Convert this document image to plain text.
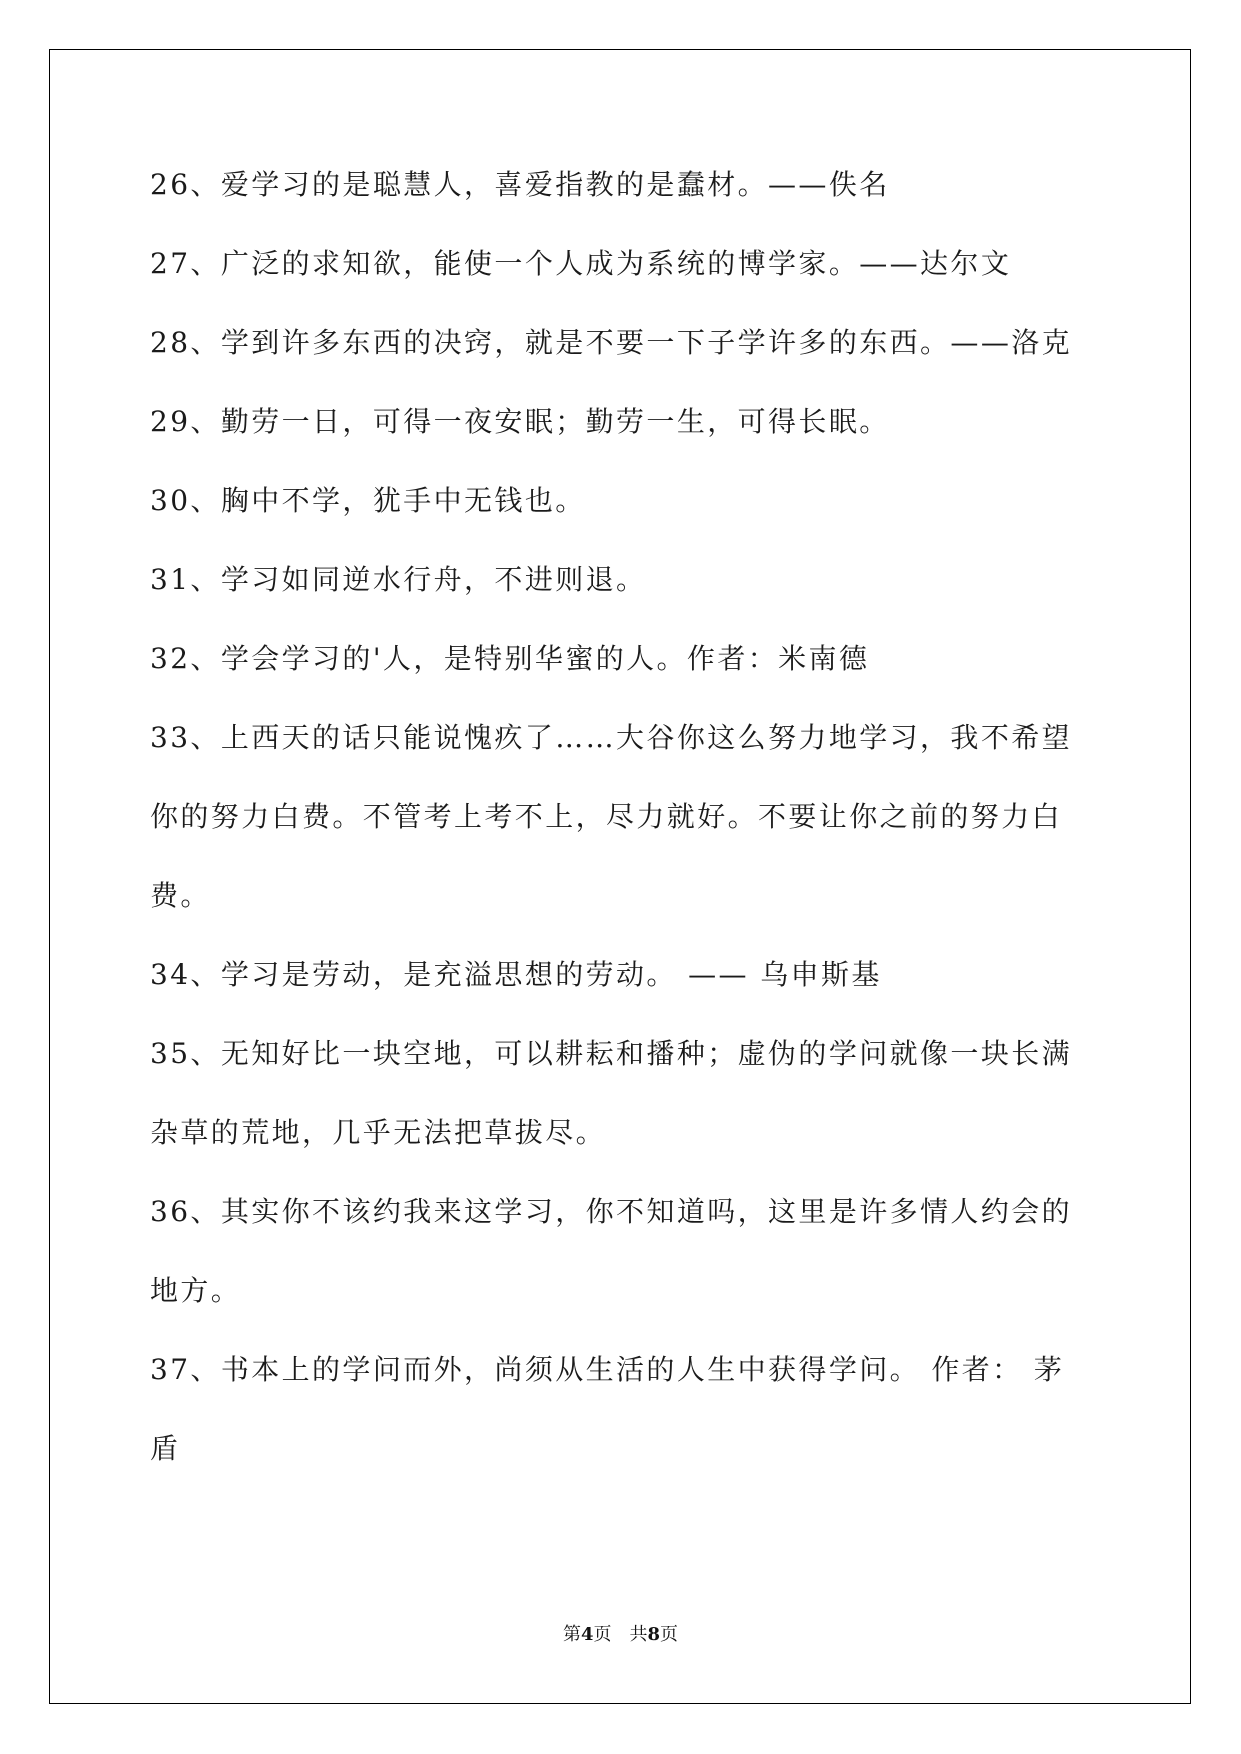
26、爱学习的是聪慧人，喜爱指教的是蠢材。——佚名
27、广泛的求知欲，能使一个人成为系统的博学家。——达尔文
28、学到许多东西的决窍，就是不要一下子学许多的东西。——洛克
29、勤劳一日，可得一夜安眠；勤劳一生，可得长眠。
30、胸中不学，犹手中无钱也。
31、学习如同逆水行舟，不进则退。
32、学会学习的'人，是特别华蜜的人。作者：米南德
33、上西天的话只能说愧疚了……大谷你这么努力地学习，我不希望
你的努力白费。不管考上考不上，尽力就好。不要让你之前的努力白
费。
34、学习是劳动，是充溢思想的劳动。 —— 乌申斯基
35、无知好比一块空地，可以耕耘和播种；虚伪的学问就像一块长满
杂草的荒地，几乎无法把草拔尽。
36、其实你不该约我来这学习，你不知道吗，这里是许多情人约会的
地方。
37、书本上的学问而外，尚须从生活的人生中获得学问。 作者： 茅
盾
第4页　共8页
